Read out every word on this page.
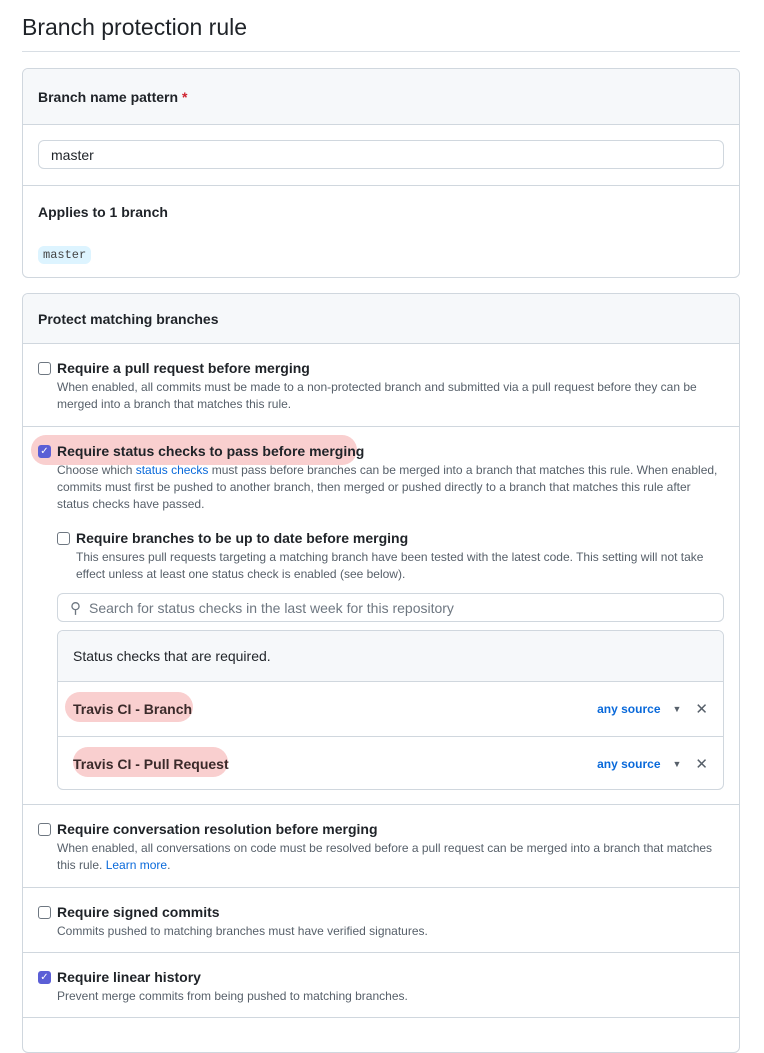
Branch protection rule
Branch name pattern *
master
Applies to 1 branch
master
Protect matching branches
Require a pull request before merging
When enabled, all commits must be made to a non-protected branch and submitted via a pull request before they can be merged into a branch that matches this rule.
✓ Require status checks to pass before merging
Choose which status checks must pass before branches can be merged into a branch that matches this rule. When enabled, commits must first be pushed to another branch, then merged or pushed directly to a branch that matches this rule after status checks have passed.
Require branches to be up to date before merging
This ensures pull requests targeting a matching branch have been tested with the latest code. This setting will not take effect unless at least one status check is enabled (see below).
⚲ Search for status checks in the last week for this repository
Status checks that are required.
Travis CI - Branch	any source ▼ ✕
Travis CI - Pull Request	any source ▼ ✕
Require conversation resolution before merging
When enabled, all conversations on code must be resolved before a pull request can be merged into a branch that matches this rule. Learn more.
Require signed commits
Commits pushed to matching branches must have verified signatures.
✓ Require linear history
Prevent merge commits from being pushed to matching branches.
